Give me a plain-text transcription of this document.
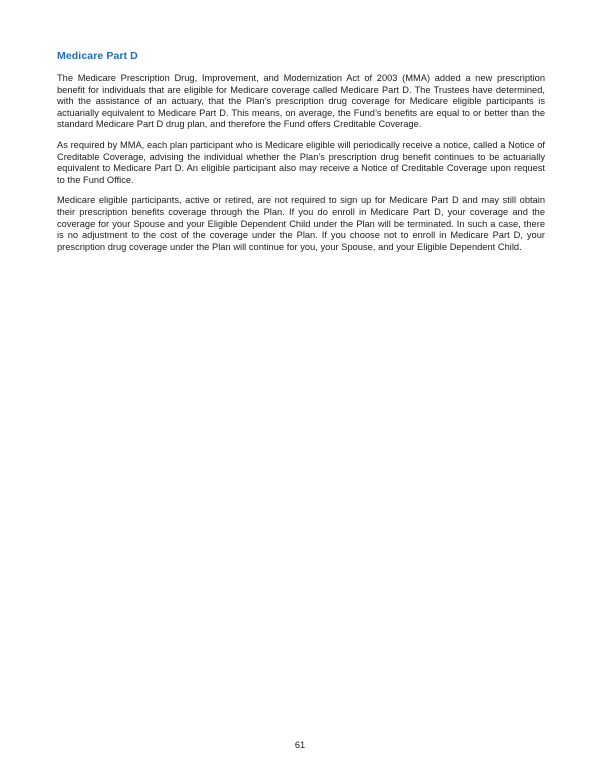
Medicare Part D

The Medicare Prescription Drug, Improvement, and Modernization Act of 2003 (MMA) added a new prescription benefit for individuals that are eligible for Medicare coverage called Medicare Part D. The Trustees have determined, with the assistance of an actuary, that the Plan’s prescription drug coverage for Medicare eligible participants is actuarially equivalent to Medicare Part D. This means, on average, the Fund’s benefits are equal to or better than the standard Medicare Part D drug plan, and therefore the Fund offers Creditable Coverage.

As required by MMA, each plan participant who is Medicare eligible will periodically receive a notice, called a Notice of Creditable Coverage, advising the individual whether the Plan’s prescription drug benefit continues to be actuarially equivalent to Medicare Part D. An eligible participant also may receive a Notice of Creditable Coverage upon request to the Fund Office.

Medicare eligible participants, active or retired, are not required to sign up for Medicare Part D and may still obtain their prescription benefits coverage through the Plan. If you do enroll in Medicare Part D, your coverage and the coverage for your Spouse and your Eligible Dependent Child under the Plan will be terminated. In such a case, there is no adjustment to the cost of the coverage under the Plan. If you choose not to enroll in Medicare Part D, your prescription drug coverage under the Plan will continue for you, your Spouse, and your Eligible Dependent Child.

61
